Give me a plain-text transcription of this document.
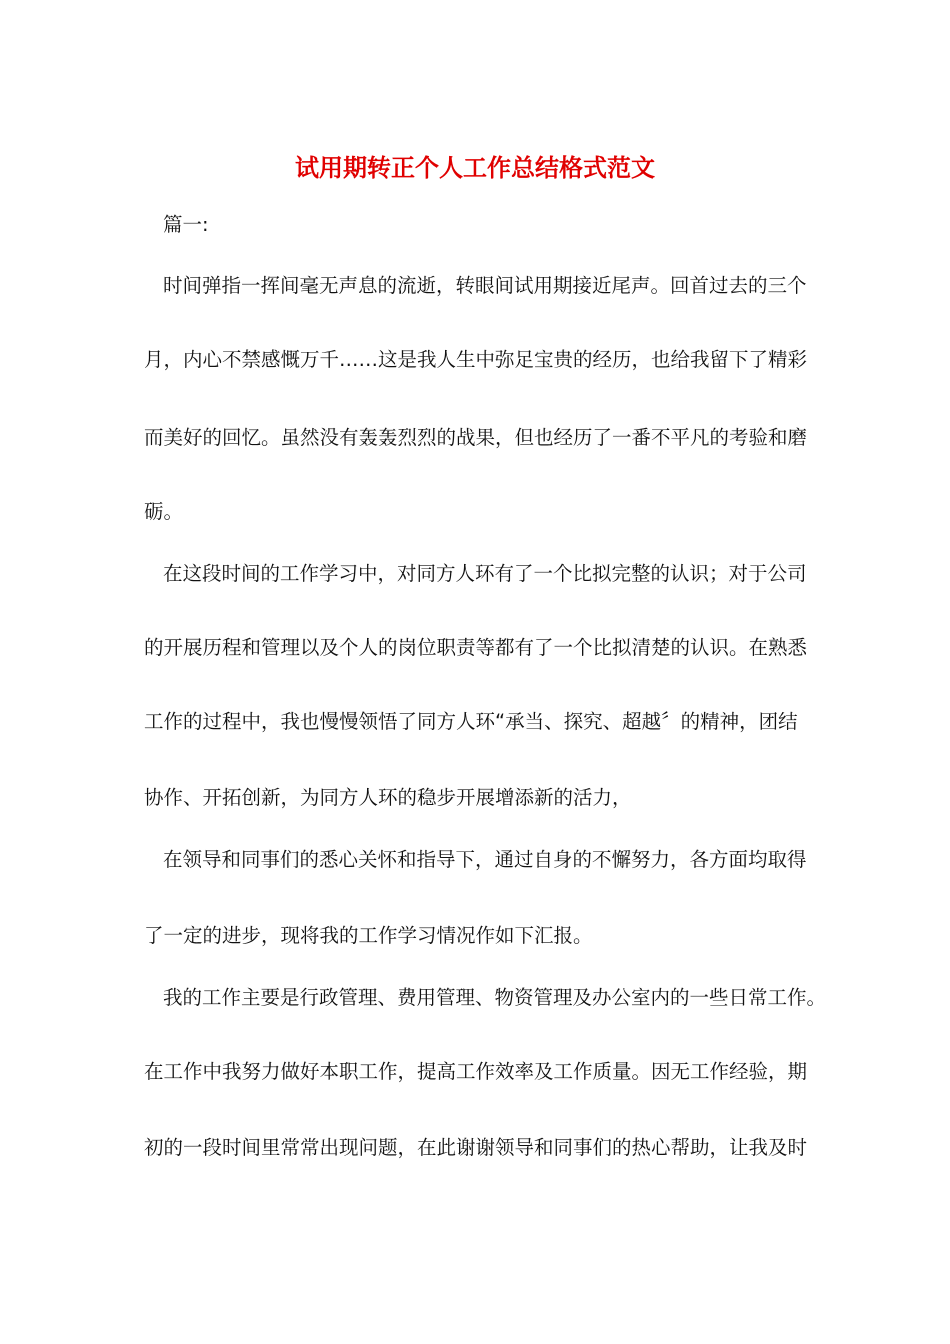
试用期转正个人工作总结格式范文

篇一:

时间弹指一挥间毫无声息的流逝，转眼间试用期接近尾声。回首过去的三个

月，内心不禁感慨万千……这是我人生中弥足宝贵的经历，也给我留下了精彩

而美好的回忆。虽然没有轰轰烈烈的战果，但也经历了一番不平凡的考验和磨

砺。

在这段时间的工作学习中，对同方人环有了一个比拟完整的认识；对于公司

的开展历程和管理以及个人的岗位职责等都有了一个比拟清楚的认识。在熟悉

工作的过程中，我也慢慢领悟了同方人环“承当、探究、超越〞的精神，团结

协作、开拓创新，为同方人环的稳步开展增添新的活力，

在领导和同事们的悉心关怀和指导下，通过自身的不懈努力，各方面均取得

了一定的进步，现将我的工作学习情况作如下汇报。

我的工作主要是行政管理、费用管理、物资管理及办公室内的一些日常工作。

在工作中我努力做好本职工作，提高工作效率及工作质量。因无工作经验，期

初的一段时间里常常出现问题，在此谢谢领导和同事们的热心帮助，让我及时
